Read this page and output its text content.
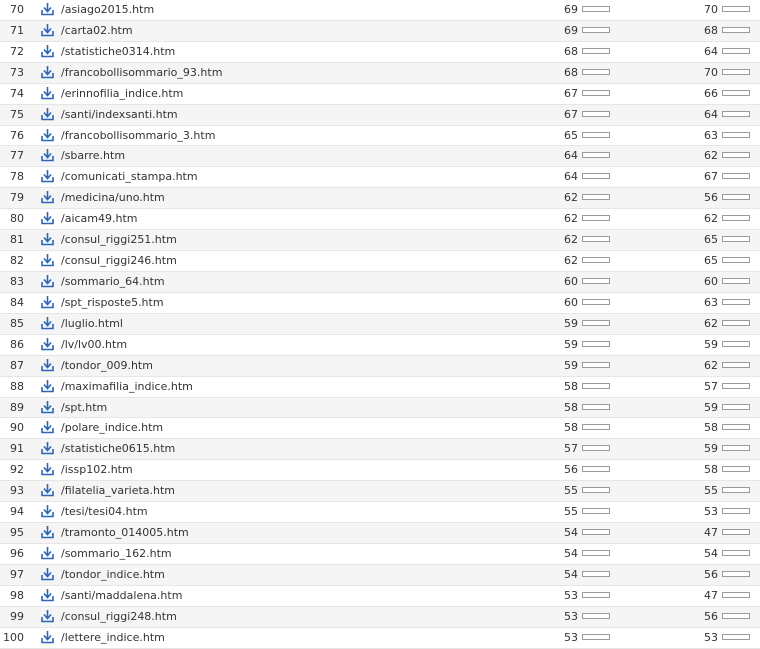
70	/asiago2015.htm	69	70
71	/carta02.htm	69	68
72	/statistiche0314.htm	68	64
73	/francobollisommario_93.htm	68	70
74	/erinnofilia_indice.htm	67	66
75	/santi/indexsanti.htm	67	64
76	/francobollisommario_3.htm	65	63
77	/sbarre.htm	64	62
78	/comunicati_stampa.htm	64	67
79	/medicina/uno.htm	62	56
80	/aicam49.htm	62	62
81	/consul_riggi251.htm	62	65
82	/consul_riggi246.htm	62	65
83	/sommario_64.htm	60	60
84	/spt_risposte5.htm	60	63
85	/luglio.html	59	62
86	/lv/lv00.htm	59	59
87	/tondor_009.htm	59	62
88	/maximafilia_indice.htm	58	57
89	/spt.htm	58	59
90	/polare_indice.htm	58	58
91	/statistiche0615.htm	57	59
92	/issp102.htm	56	58
93	/filatelia_varieta.htm	55	55
94	/tesi/tesi04.htm	55	53
95	/tramonto_014005.htm	54	47
96	/sommario_162.htm	54	54
97	/tondor_indice.htm	54	56
98	/santi/maddalena.htm	53	47
99	/consul_riggi248.htm	53	56
100	/lettere_indice.htm	53	53
